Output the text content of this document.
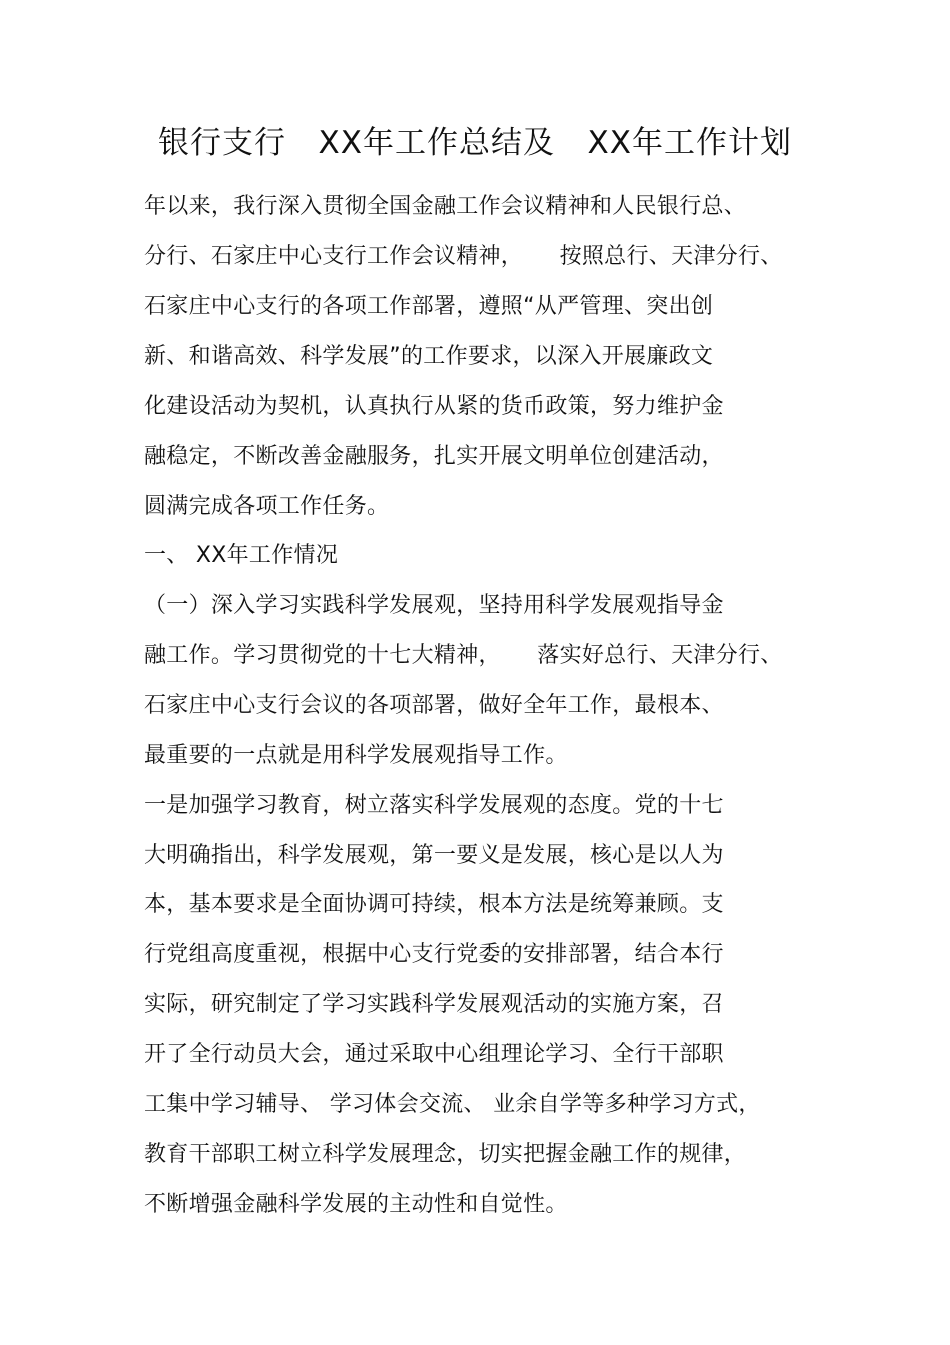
银行支行   XX年工作总结及   XX年工作计划
年以来，我行深入贯彻全国金融工作会议精神和人民银行总、
分行、石家庄中心支行工作会议精神，     按照总行、天津分行、
石家庄中心支行的各项工作部署，遵照“从严管理、突出创
新、和谐高效、科学发展”的工作要求，以深入开展廉政文
化建设活动为契机，认真执行从紧的货币政策，努力维护金
融稳定，不断改善金融服务，扎实开展文明单位创建活动，
圆满完成各项工作任务。
一、 XX年工作情况
（一）深入学习实践科学发展观，坚持用科学发展观指导金
融工作。学习贯彻党的十七大精神，     落实好总行、天津分行、
石家庄中心支行会议的各项部署，做好全年工作，最根本、
最重要的一点就是用科学发展观指导工作。
一是加强学习教育，树立落实科学发展观的态度。党的十七
大明确指出，科学发展观，第一要义是发展，核心是以人为
本，基本要求是全面协调可持续，根本方法是统筹兼顾。支
行党组高度重视，根据中心支行党委的安排部署，结合本行
实际，研究制定了学习实践科学发展观活动的实施方案，召
开了全行动员大会，通过采取中心组理论学习、全行干部职
工集中学习辅导、 学习体会交流、 业余自学等多种学习方式，
教育干部职工树立科学发展理念，切实把握金融工作的规律，
不断增强金融科学发展的主动性和自觉性。
